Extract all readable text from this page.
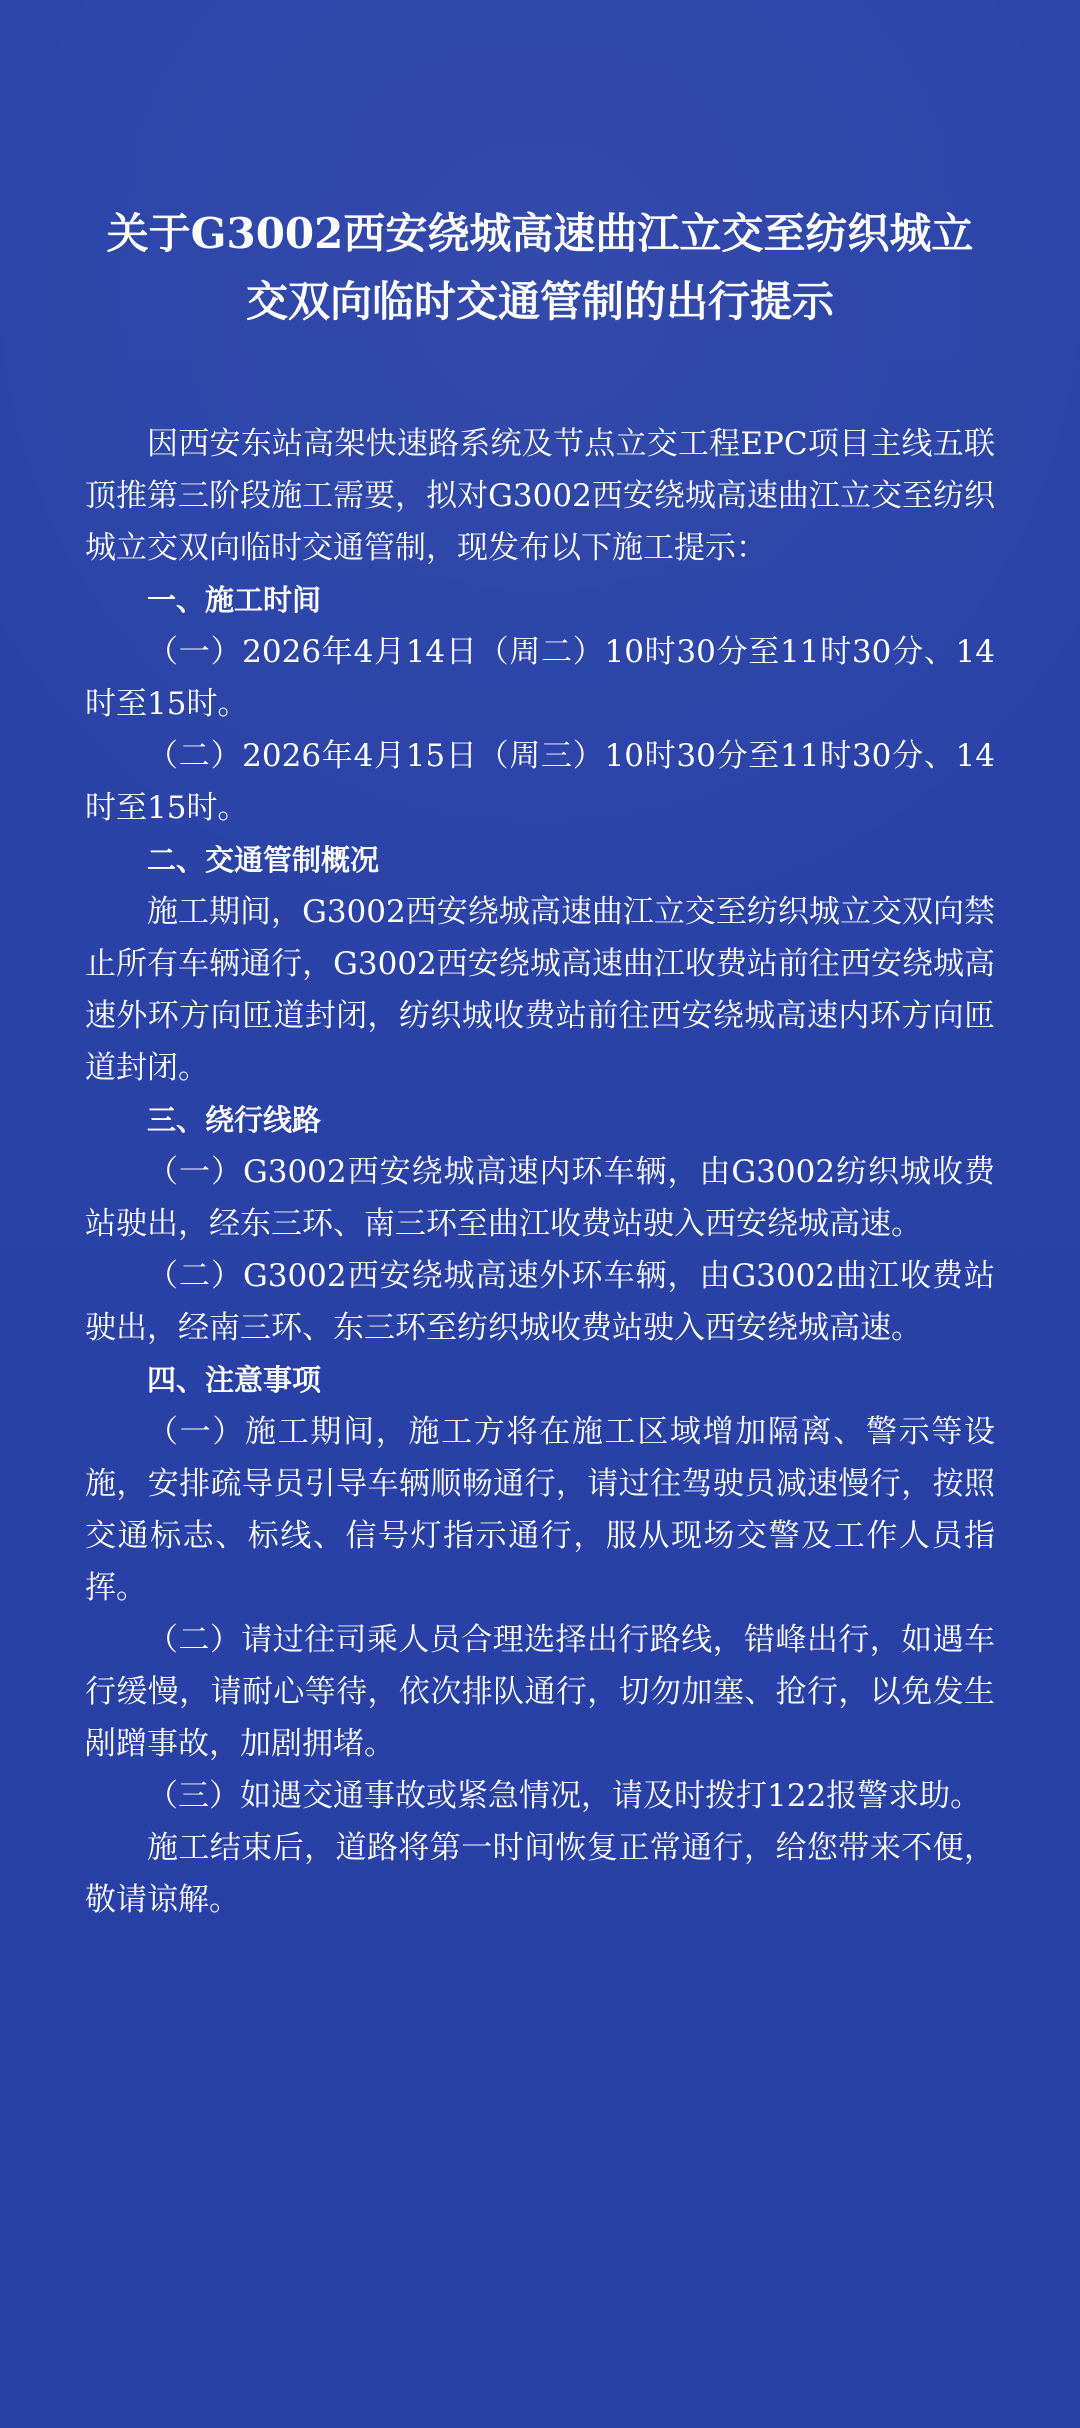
关于G3002西安绕城高速曲江立交至纺织城立
交双向临时交通管制的出行提示

因西安东站高架快速路系统及节点立交工程EPC项目主线五联顶推第三阶段施工需要，拟对G3002西安绕城高速曲江立交至纺织城立交双向临时交通管制，现发布以下施工提示：

一、施工时间

（一）2026年4月14日（周二）10时30分至11时30分、14时至15时。

（二）2026年4月15日（周三）10时30分至11时30分、14时至15时。

二、交通管制概况

施工期间，G3002西安绕城高速曲江立交至纺织城立交双向禁止所有车辆通行，G3002西安绕城高速曲江收费站前往西安绕城高速外环方向匝道封闭，纺织城收费站前往西安绕城高速内环方向匝道封闭。

三、绕行线路

（一）G3002西安绕城高速内环车辆，由G3002纺织城收费站驶出，经东三环、南三环至曲江收费站驶入西安绕城高速。

（二）G3002西安绕城高速外环车辆，由G3002曲江收费站驶出，经南三环、东三环至纺织城收费站驶入西安绕城高速。

四、注意事项

（一）施工期间，施工方将在施工区域增加隔离、警示等设施，安排疏导员引导车辆顺畅通行，请过往驾驶员减速慢行，按照交通标志、标线、信号灯指示通行，服从现场交警及工作人员指挥。

（二）请过往司乘人员合理选择出行路线，错峰出行，如遇车行缓慢，请耐心等待，依次排队通行，切勿加塞、抢行，以免发生剐蹭事故，加剧拥堵。

（三）如遇交通事故或紧急情况，请及时拨打122报警求助。

施工结束后，道路将第一时间恢复正常通行，给您带来不便，敬请谅解。
